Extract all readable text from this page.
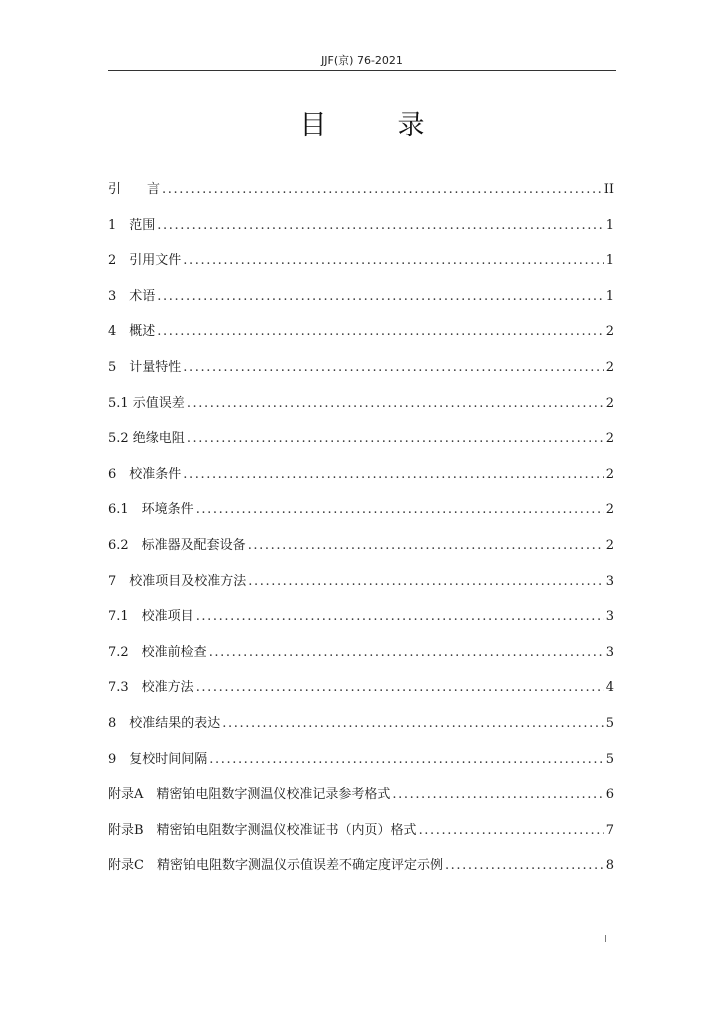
JJF(京) 76-2021
目　录
引　　言 .....	II
1　范围 .....	1
2　引用文件 .....	1
3　术语 .....	1
4　概述 .....	2
5　计量特性 .....	2
5.1 示值误差 .....	2
5.2 绝缘电阻 .....	2
6　校准条件 .....	2
6.1　环境条件 .....	2
6.2　标准器及配套设备 .....	2
7　校准项目及校准方法 .....	3
7.1　校准项目 .....	3
7.2　校准前检查 .....	3
7.3　校准方法 .....	4
8　校准结果的表达 .....	5
9　复校时间间隔 .....	5
附录A　精密铂电阻数字测温仪校准记录参考格式 .....	6
附录B　精密铂电阻数字测温仪校准证书（内页）格式 .....	7
附录C　精密铂电阻数字测温仪示值误差不确定度评定示例 .....	8
I
